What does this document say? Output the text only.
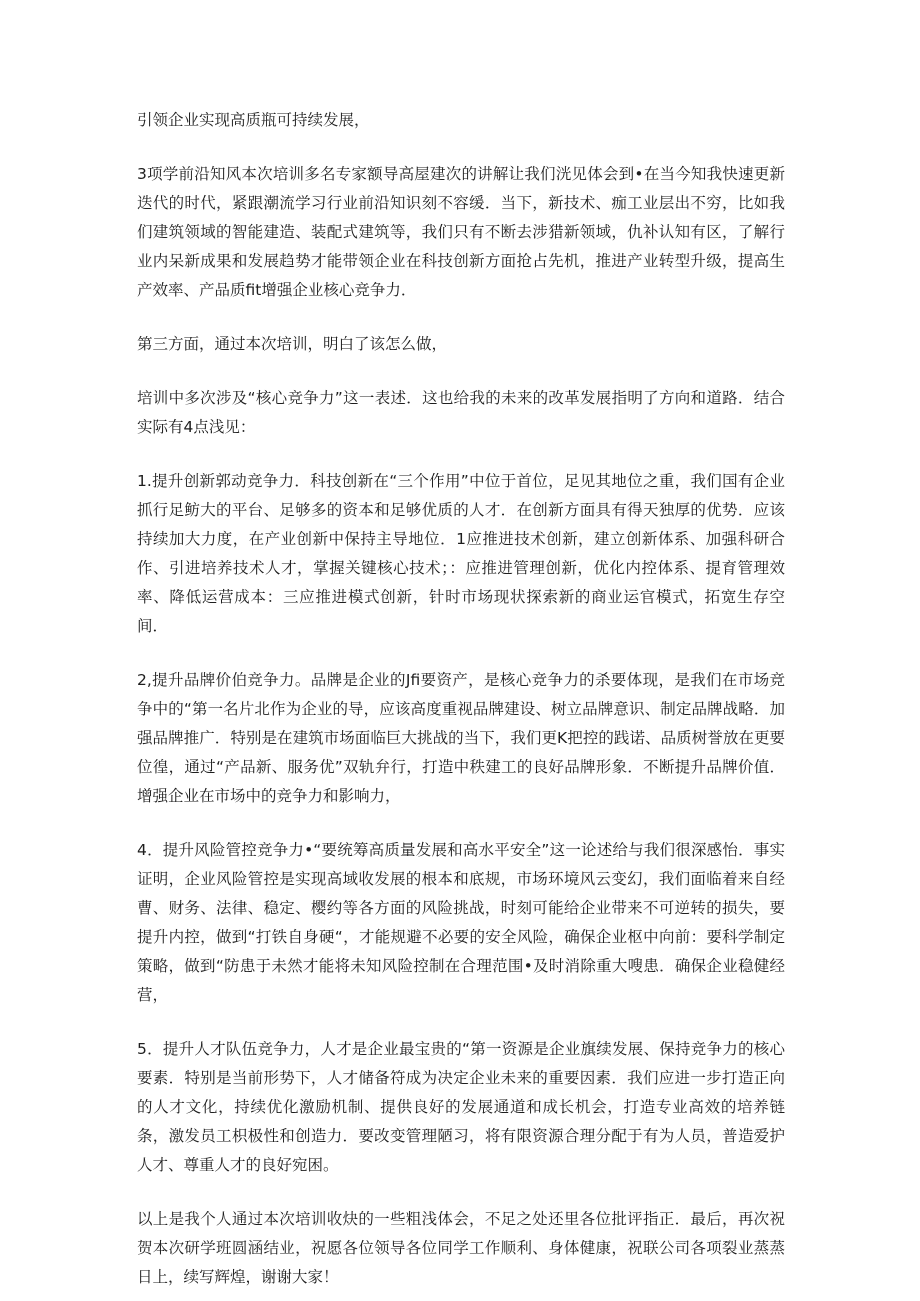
引领企业实现高质瓶可持续发展，

3项学前沿知风本次培训多名专家额导高屋建次的讲解让我们洸见体会到•在当今知我快速更新迭代的时代，紧跟潮流学习行业前沿知识刻不容缓．当下，新技术、痂工业层出不穷，比如我们建筑领域的智能建造、装配式建筑等，我们只有不断去涉猎新领域，仇补认知有区，了解行业内呆新成果和发展趋势才能带领企业在科技创新方面抢占先机，推进产业转型升级，提高生产效率、产品质fit增强企业核心竞争力．

第三方面，通过本次培训，明白了该怎么做，

培训中多次涉及“核心竞争力”这一表述．这也给我的未来的改革发展指明了方向和道路．结合实际有4点浅见：

1.提升创新郭动竞争力．科技创新在“三个作用”中位于首位，足见其地位之重，我们国有企业抓行足鲂大的平台、足够多的资本和足够优质的人才．在创新方面具有得天独厚的优势．应该持续加大力度，在产业创新中保持主导地位．1应推进技术创新，建立创新体系、加强科研合作、引进培养技术人才，掌握关键核心技术；：应推进管理创新，优化内控体系、提育管理效率、降低运营成本：三应推进模式创新，针时市场现状探索新的商业运官模式，拓宽生存空间．

2,提升品牌价伯竞争力。品牌是企业的Jfi要资产，是核心竞争力的杀要体现，是我们在市场竞争中的“第一名片北作为企业的导，应该高度重视品牌建设、树立品牌意识、制定品牌战略．加强品牌推广．特别是在建筑市场面临巨大挑战的当下，我们更K把控的践诺、品质树誉放在更要位徨，通过“产品新、服务优”双轨弁行，打造中秩建工的良好品牌形象．不断提升品牌价值．增强企业在市场中的竞争力和影响力，

4．提升风险管控竞争力•“要统筹高质量发展和高水平安全”这一论述给与我们很深感怡．事实证明，企业风险管控是实现高域收发展的根本和底规，市场环境风云变幻，我们面临着来自经曹、财务、法律、稳定、樱约等各方面的风险挑战，时刻可能给企业带来不可逆转的损失，要提升内控，做到“打铁自身硬“，才能规避不必要的安全风险，确保企业枢中向前：要科学制定策略，做到“防患于未然才能将未知风险控制在合理范围•及时消除重大嗖患．确保企业稳健经营，

5．提升人才队伍竞争力，人才是企业最宝贵的“第一资源是企业旗续发展、保持竞争力的核心要素．特别是当前形势下，人才储备符成为决定企业未来的重要因素．我们应进一步打造正向的人才文化，持续优化激励机制、提供良好的发展通道和成长机会，打造专业高效的培养链条，激发员工枳极性和创造力．要改变管理陋习，将有限资源合理分配于有为人员，普造爱护人才、尊重人才的良好宛困。

以上是我个人通过本次培训收炔的一些粗浅体会，不足之处还里各位批评指正．最后，再次祝贺本次研学班圆涵结业，祝愿各位领导各位同学工作顺利、身体健康，祝联公司各项裂业蒸蒸日上，续写辉煌，谢谢大家！
